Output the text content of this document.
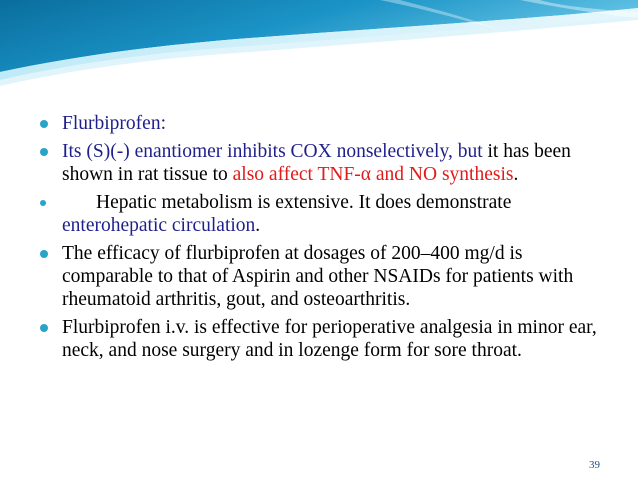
Flurbiprofen:
Its (S)(-) enantiomer inhibits COX nonselectively, but it has been shown in rat tissue to also affect TNF-α and NO synthesis.
Hepatic metabolism is extensive. It does demonstrate enterohepatic circulation.
The efficacy of flurbiprofen at dosages of 200–400 mg/d is comparable to that of Aspirin and other NSAIDs for patients with rheumatoid arthritis, gout, and osteoarthritis.
Flurbiprofen i.v. is effective for perioperative analgesia in minor ear, neck, and nose surgery and in lozenge form for sore throat.
39
